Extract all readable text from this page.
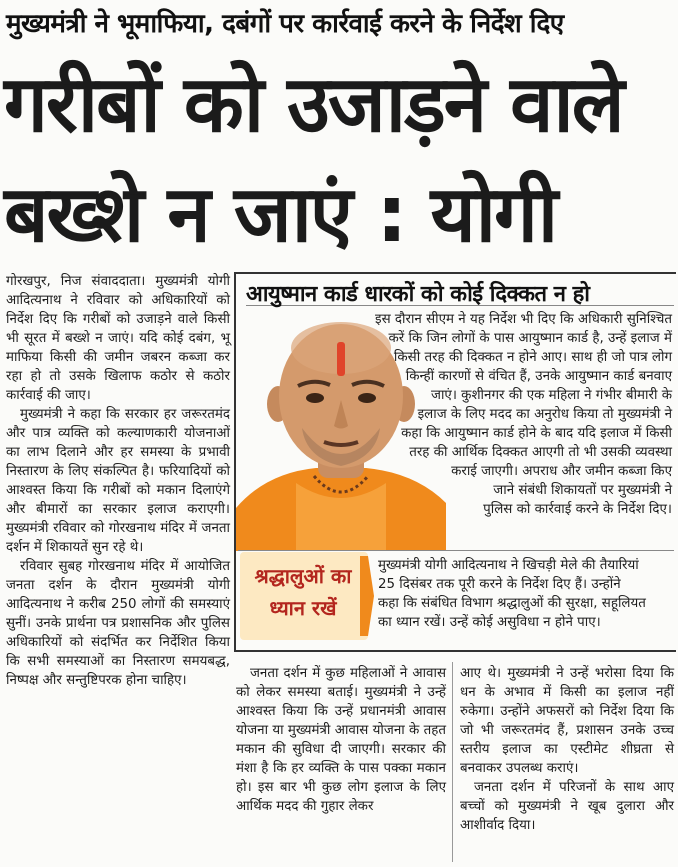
मुख्यमंत्री ने भूमाफिया, दबंगों पर कार्रवाई करने के निर्देश दिए
गरीबों को उजाड़ने वाले
बख्शे न जाएं : योगी

गोरखपुर, निज संवाददाता। मुख्यमंत्री योगी आदित्यनाथ ने रविवार को अधिकारियों को निर्देश दिए कि गरीबों को उजाड़ने वाले किसी भी सूरत में बख्शे न जाएं। यदि कोई दबंग, भू माफिया किसी की जमीन जबरन कब्जा कर रहा हो तो उसके खिलाफ कठोर से कठोर कार्रवाई की जाए।

मुख्यमंत्री ने कहा कि सरकार हर जरूरतमंद और पात्र व्यक्ति को कल्याणकारी योजनाओं का लाभ दिलाने और हर समस्या के प्रभावी निस्तारण के लिए संकल्पित है। फरियादियों को आश्वस्त किया कि गरीबों को मकान दिलाएंगे और बीमारों का सरकार इलाज कराएगी। मुख्यमंत्री रविवार को गोरखनाथ मंदिर में जनता दर्शन में शिकायतें सुन रहे थे।

रविवार सुबह गोरखनाथ मंदिर में आयोजित जनता दर्शन के दौरान मुख्यमंत्री योगी आदित्यनाथ ने करीब 250 लोगों की समस्याएं सुनीं। उनके प्रार्थना पत्र प्रशासनिक और पुलिस अधिकारियों को संदर्भित कर निर्देशित किया कि सभी समस्याओं का निस्तारण समयबद्ध, निष्पक्ष और सन्तुष्टिपरक होना चाहिए।

आयुष्मान कार्ड धारकों को कोई दिक्कत न हो
इस दौरान सीएम ने यह निर्देश भी दिए कि अधिकारी सुनिश्चित
करें कि जिन लोगों के पास आयुष्मान कार्ड है, उन्हें इलाज में
किसी तरह की दिक्कत न होने आए। साथ ही जो पात्र लोग
किन्हीं कारणों से वंचित हैं, उनके आयुष्मान कार्ड बनवाए
जाएं। कुशीनगर की एक महिला ने गंभीर बीमारी के
इलाज के लिए मदद का अनुरोध किया तो मुख्यमंत्री ने
कहा कि आयुष्मान कार्ड होने के बाद यदि इलाज में किसी
तरह की आर्थिक दिक्कत आएगी तो भी उसकी व्यवस्था
कराई जाएगी। अपराध और जमीन कब्जा किए
जाने संबंधी शिकायतों पर मुख्यमंत्री ने
पुलिस को कार्रवाई करने के निर्देश दिए।
श्रद्धालुओं का
ध्यान रखें
मुख्यमंत्री योगी आदित्यनाथ ने खिचड़ी मेले की तैयारियां
25 दिसंबर तक पूरी करने के निर्देश दिए हैं। उन्होंने
कहा कि संबंधित विभाग श्रद्धालुओं की सुरक्षा, सहूलियत
का ध्यान रखें। उन्हें कोई असुविधा न होने पाए।

जनता दर्शन में कुछ महिलाओं ने आवास को लेकर समस्या बताई। मुख्यमंत्री ने उन्हें आश्वस्त किया कि उन्हें प्रधानमंत्री आवास योजना या मुख्यमंत्री आवास योजना के तहत मकान की सुविधा दी जाएगी। सरकार की मंशा है कि हर व्यक्ति के पास पक्का मकान हो। इस बार भी कुछ लोग इलाज के लिए आर्थिक मदद की गुहार लेकर

आए थे। मुख्यमंत्री ने उन्हें भरोसा दिया कि धन के अभाव में किसी का इलाज नहीं रुकेगा। उन्होंने अफसरों को निर्देश दिया कि जो भी जरूरतमंद हैं, प्रशासन उनके उच्च स्तरीय इलाज का एस्टीमेट शीघ्रता से बनवाकर उपलब्ध कराएं।

जनता दर्शन में परिजनों के साथ आए बच्चों को मुख्यमंत्री ने खूब दुलारा और आशीर्वाद दिया।
